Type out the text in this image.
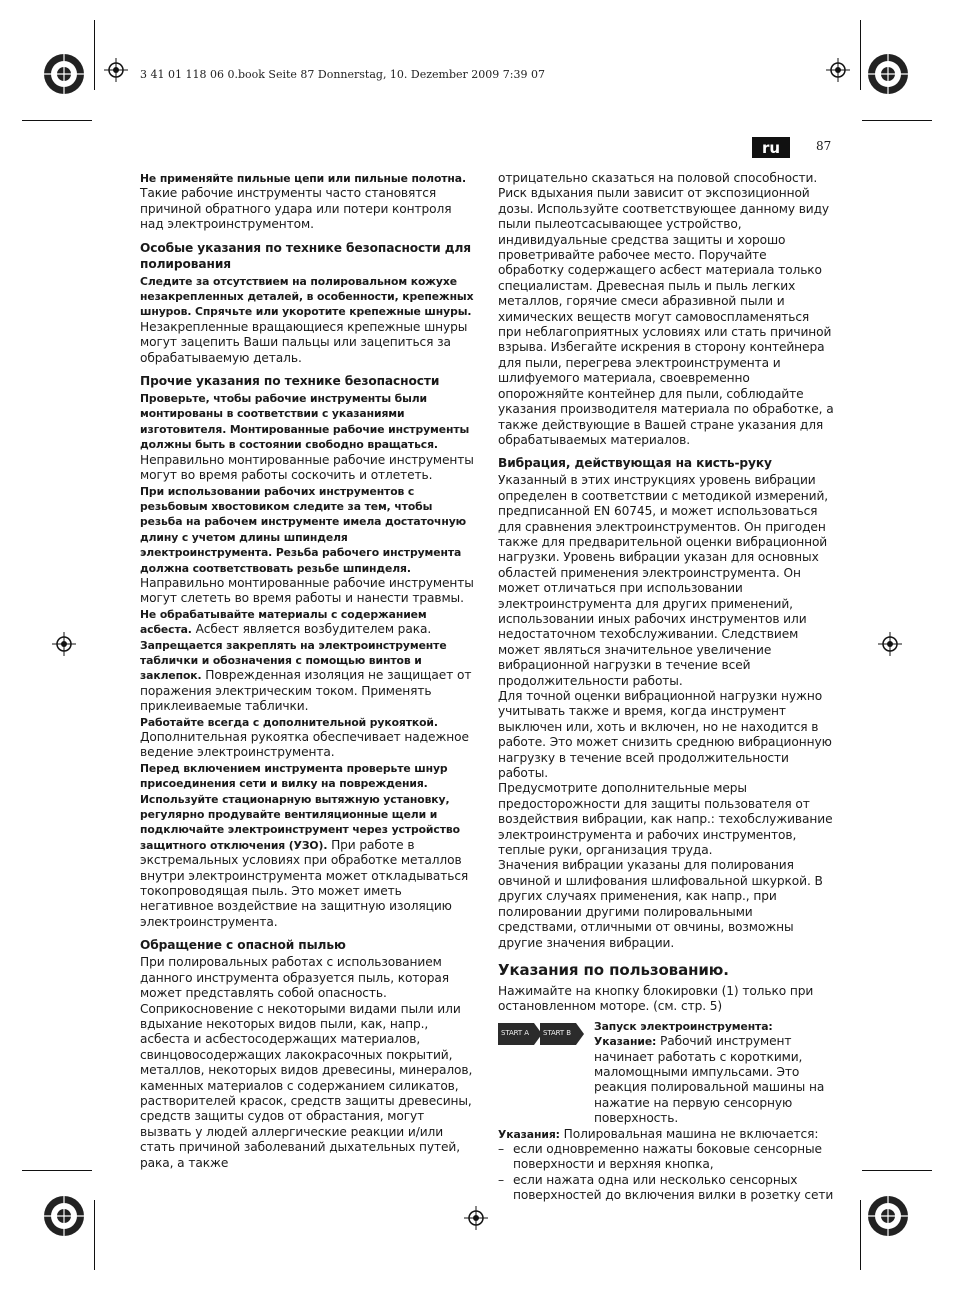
3 41 01 118 06 0.book Seite 87 Donnerstag, 10. Dezember 2009 7:39 07
ru	87

Не применяйте пильные цепи или пильные полотна. Такие рабочие инструменты часто становятся причиной обратного удара или потери контроля над электроинструментом.

Особые указания по технике безопасности для полирования

Следите за отсутствием на полировальном кожухе незакрепленных деталей, в особенности, крепежных шнуров. Спрячьте или укоротите крепежные шнуры. Незакрепленные вращающиеся крепежные шнуры могут зацепить Ваши пальцы или зацепиться за обрабатываемую деталь.

Прочие указания по технике безопасности

Проверьте, чтобы рабочие инструменты были монтированы в соответствии с указаниями изготовителя. Монтированные рабочие инструменты должны быть в состоянии свободно вращаться. Неправильно монтированные рабочие инструменты могут во время работы соскочить и отлететь.

При использовании рабочих инструментов с резьбовым хвостовиком следите за тем, чтобы резьба на рабочем инструменте имела достаточную длину с учетом длины шпинделя электроинструмента. Резьба рабочего инструмента должна соответствовать резьбе шпинделя. Направильно монтированные рабочие инструменты могут слететь во время работы и нанести травмы.

Не обрабатывайте материалы с содержанием асбеста. Асбест является возбудителем рака.

Запрещается закреплять на электроинструменте таблички и обозначения с помощью винтов и заклепок. Поврежденная изоляция не защищает от поражения электрическим током. Применять приклеиваемые таблички.

Работайте всегда с дополнительной рукояткой. Дополнительная рукоятка обеспечивает надежное ведение электроинструмента.

Перед включением инструмента проверьте шнур присоединения сети и вилку на повреждения.

Используйте стационарную вытяжную установку, регулярно продувайте вентиляционные щели и подключайте электроинструмент через устройство защитного отключения (УЗО). При работе в экстремальных условиях при обработке металлов внутри электроинструмента может откладываться токопроводящая пыль. Это может иметь негативное воздействие на защитную изоляцию электроинструмента.

Обращение с опасной пылью

При полировальных работах с использованием данного инструмента образуется пыль, которая может представлять собой опасность.

Соприкосновение с некоторыми видами пыли или вдыхание некоторых видов пыли, как, напр., асбеста и асбестосодержащих материалов, свинцовосодержащих лакокрасочных покрытий, металлов, некоторых видов древесины, минералов, каменных материалов с содержанием силикатов, растворителей красок, средств защиты древесины, средств защиты судов от обрастания, могут вызвать у людей аллергические реакции и/или стать причиной заболеваний дыхательных путей, рака, а также

отрицательно сказаться на половой способности. Риск вдыхания пыли зависит от экспозиционной дозы. Используйте соответствующее данному виду пыли пылеотсасывающее устройство, индивидуальные средства защиты и хорошо проветривайте рабочее место. Поручайте обработку содержащего асбест материала только специалистам. Древесная пыль и пыль легких металлов, горячие смеси абразивной пыли и химических веществ могут самовоспламеняться при неблагоприятных условиях или стать причиной взрыва. Избегайте искрения в сторону контейнера для пыли, перегрева электроинструмента и шлифуемого материала, своевременно опорожняйте контейнер для пыли, соблюдайте указания производителя материала по обработке, а также действующие в Вашей стране указания для обрабатываемых материалов.

Вибрация, действующая на кисть-руку

Указанный в этих инструкциях уровень вибрации определен в соответствии с методикой измерений, предписанной EN 60745, и может использоваться для сравнения электроинструментов. Он пригоден также для предварительной оценки вибрационной нагрузки. Уровень вибрации указан для основных областей применения электроинструмента. Он может отличаться при использовании электроинструмента для других применений, использовании иных рабочих инструментов или недостаточном техобслуживании. Следствием может являться значительное увеличение вибрационной нагрузки в течение всей продолжительности работы.

Для точной оценки вибрационной нагрузки нужно учитывать также и время, когда инструмент выключен или, хоть и включен, но не находится в работе. Это может снизить среднюю вибрационную нагрузку в течение всей продолжительности работы.

Предусмотрите дополнительные меры предосторожности для защиты пользователя от воздействия вибрации, как напр.: техобслуживание электроинструмента и рабочих инструментов, теплые руки, организация труда.

Значения вибрации указаны для полирования овчиной и шлифования шлифовальной шкуркой. В других случаях применения, как напр., при полировании другими полировальными средствами, отличными от овчины, возможны другие значения вибрации.

Указания по пользованию.

Нажимайте на кнопку блокировки (1) только при остановленном моторе. (см. стр. 5)

START A	START B

Запуск электроинструмента:
Указание: Рабочий инструмент начинает работать с короткими, маломощными импульсами. Это реакция полировальной машины на нажатие на первую сенсорную поверхность.

Указания: Полировальная машина не включается:

– если одновременно нажаты боковые сенсорные поверхности и верхняя кнопка,
– если нажата одна или несколько сенсорных поверхностей до включения вилки в розетку сети
